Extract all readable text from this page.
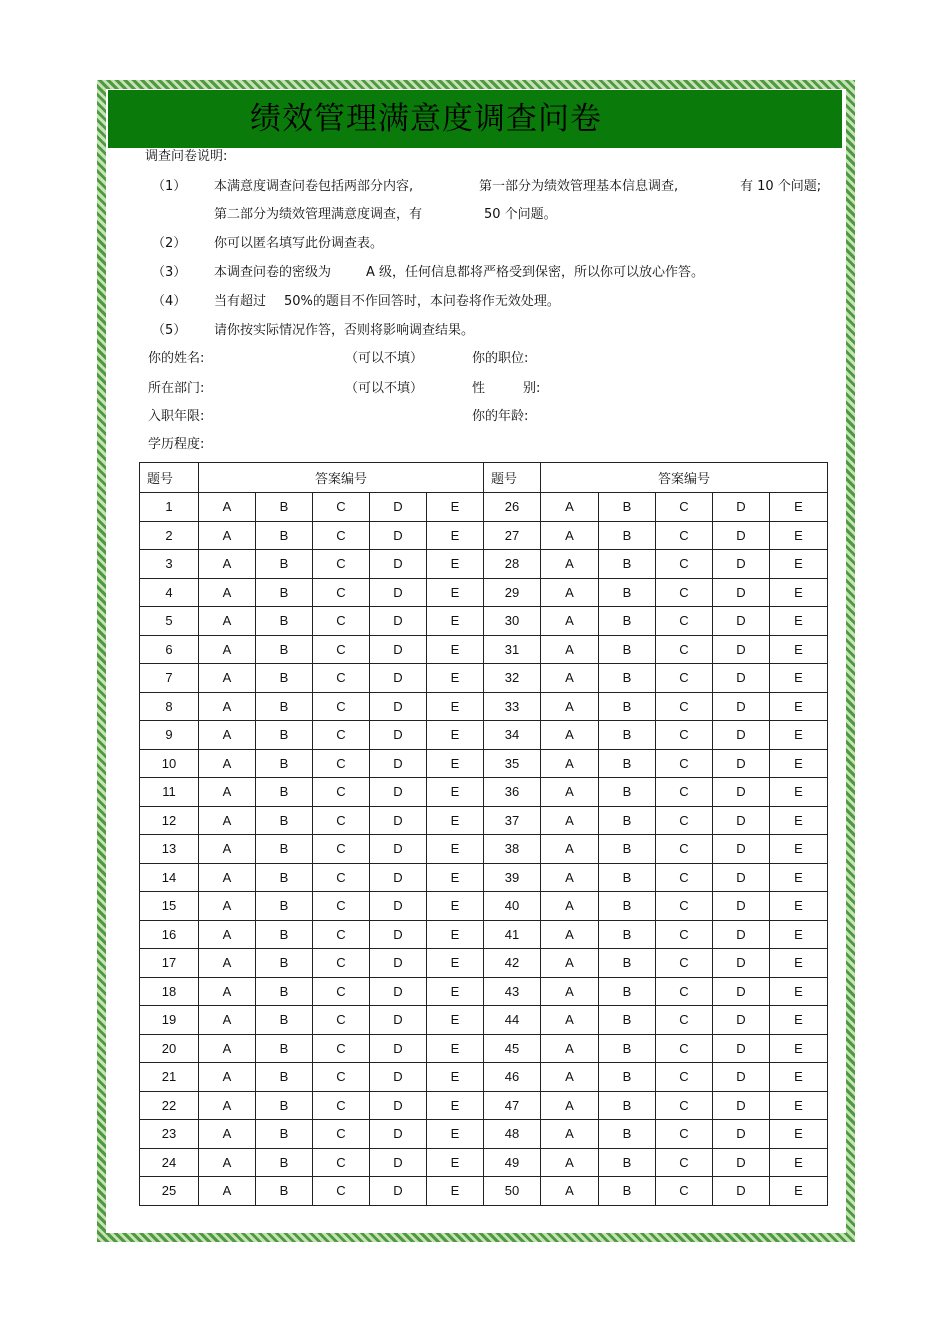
绩效管理满意度调查问卷
调查问卷说明:
（1） 本满意度调查问卷包括两部分内容,	第一部分为绩效管理基本信息调查,	有 10 个问题;
第二部分为绩效管理满意度调查，有	50 个问题。
（2） 你可以匿名填写此份调查表。
（3） 本调查问卷的密级为	A 级，任何信息都将严格受到保密，所以你可以放心作答。
（4） 当有超过 50%的题目不作回答时，本问卷将作无效处理。
（5） 请你按实际情况作答，否则将影响调查结果。
你的姓名:	（可以不填）	你的职位:
所在部门:	（可以不填）	性	别:
入职年限:	你的年龄:
学历程度:
题号	答案编号					题号	答案编号				
1	A	B	C	D	E	26	A	B	C	D	E
2	A	B	C	D	E	27	A	B	C	D	E
3	A	B	C	D	E	28	A	B	C	D	E
4	A	B	C	D	E	29	A	B	C	D	E
5	A	B	C	D	E	30	A	B	C	D	E
6	A	B	C	D	E	31	A	B	C	D	E
7	A	B	C	D	E	32	A	B	C	D	E
8	A	B	C	D	E	33	A	B	C	D	E
9	A	B	C	D	E	34	A	B	C	D	E
10	A	B	C	D	E	35	A	B	C	D	E
11	A	B	C	D	E	36	A	B	C	D	E
12	A	B	C	D	E	37	A	B	C	D	E
13	A	B	C	D	E	38	A	B	C	D	E
14	A	B	C	D	E	39	A	B	C	D	E
15	A	B	C	D	E	40	A	B	C	D	E
16	A	B	C	D	E	41	A	B	C	D	E
17	A	B	C	D	E	42	A	B	C	D	E
18	A	B	C	D	E	43	A	B	C	D	E
19	A	B	C	D	E	44	A	B	C	D	E
20	A	B	C	D	E	45	A	B	C	D	E
21	A	B	C	D	E	46	A	B	C	D	E
22	A	B	C	D	E	47	A	B	C	D	E
23	A	B	C	D	E	48	A	B	C	D	E
24	A	B	C	D	E	49	A	B	C	D	E
25	A	B	C	D	E	50	A	B	C	D	E
